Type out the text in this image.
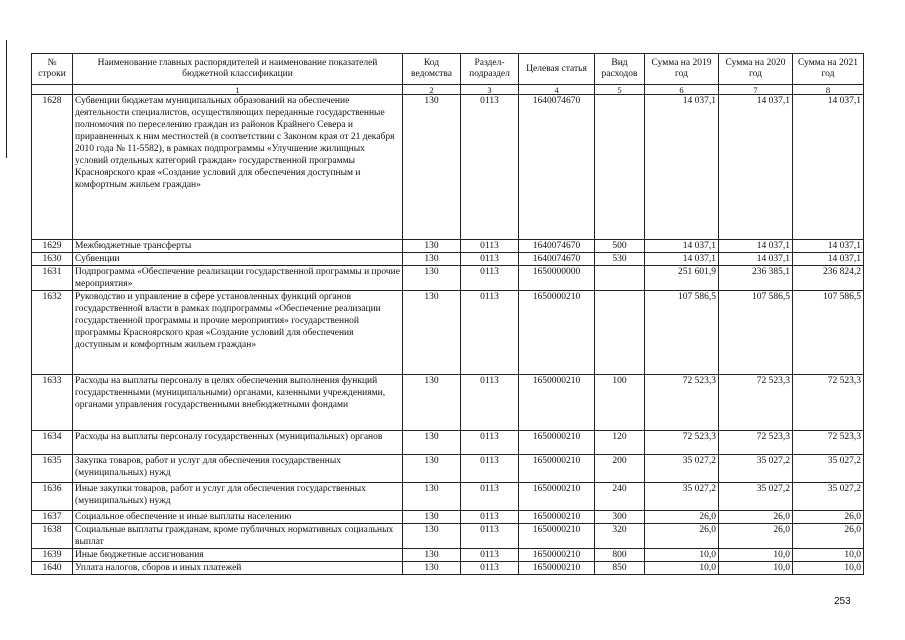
№ строки	Наименование главных распорядителей и наименование показателей бюджетной классификации	Код ведомства	Раздел-подраздел	Целевая статья	Вид расходов	Сумма на 2019 год	Сумма на 2020 год	Сумма на 2021 год
	1	2	3	4	5	6	7	8
1628	Субвенции бюджетам муниципальных образований на обеспечение деятельности специалистов, осуществляющих переданные государственные полномочия по переселению граждан из районов Крайнего Севера и приравненных к ним местностей (в соответствии с Законом края от 21 декабря 2010 года № 11-5582), в рамках подпрограммы «Улучшение жилищных условий отдельных категорий граждан» государственной программы Красноярского края «Создание условий для обеспечения доступным и комфортным жильем граждан»	130	0113	1640074670		14 037,1	14 037,1	14 037,1
1629	Межбюджетные трансферты	130	0113	1640074670	500	14 037,1	14 037,1	14 037,1
1630	Субвенции	130	0113	1640074670	530	14 037,1	14 037,1	14 037,1
1631	Подпрограмма «Обеспечение реализации государственной программы и прочие мероприятия»	130	0113	1650000000		251 601,9	236 385,1	236 824,2
1632	Руководство и управление в сфере установленных функций органов государственной власти в рамках подпрограммы «Обеспечение реализации государственной программы и прочие мероприятия» государственной программы Красноярского края «Создание условий для обеспечения доступным и комфортным жильем граждан»	130	0113	1650000210		107 586,5	107 586,5	107 586,5
1633	Расходы на выплаты персоналу в целях обеспечения выполнения функций государственными (муниципальными) органами, казенными учреждениями, органами управления государственными внебюджетными фондами	130	0113	1650000210	100	72 523,3	72 523,3	72 523,3
1634	Расходы на выплаты персоналу государственных (муниципальных) органов	130	0113	1650000210	120	72 523,3	72 523,3	72 523,3
1635	Закупка товаров, работ и услуг для обеспечения государственных (муниципальных) нужд	130	0113	1650000210	200	35 027,2	35 027,2	35 027,2
1636	Иные закупки товаров, работ и услуг для обеспечения государственных (муниципальных) нужд	130	0113	1650000210	240	35 027,2	35 027,2	35 027,2
1637	Социальное обеспечение и иные выплаты населению	130	0113	1650000210	300	26,0	26,0	26,0
1638	Социальные выплаты гражданам, кроме публичных нормативных социальных выплат	130	0113	1650000210	320	26,0	26,0	26,0
1639	Иные бюджетные ассигнования	130	0113	1650000210	800	10,0	10,0	10,0
1640	Уплата налогов, сборов и иных платежей	130	0113	1650000210	850	10,0	10,0	10,0
253
